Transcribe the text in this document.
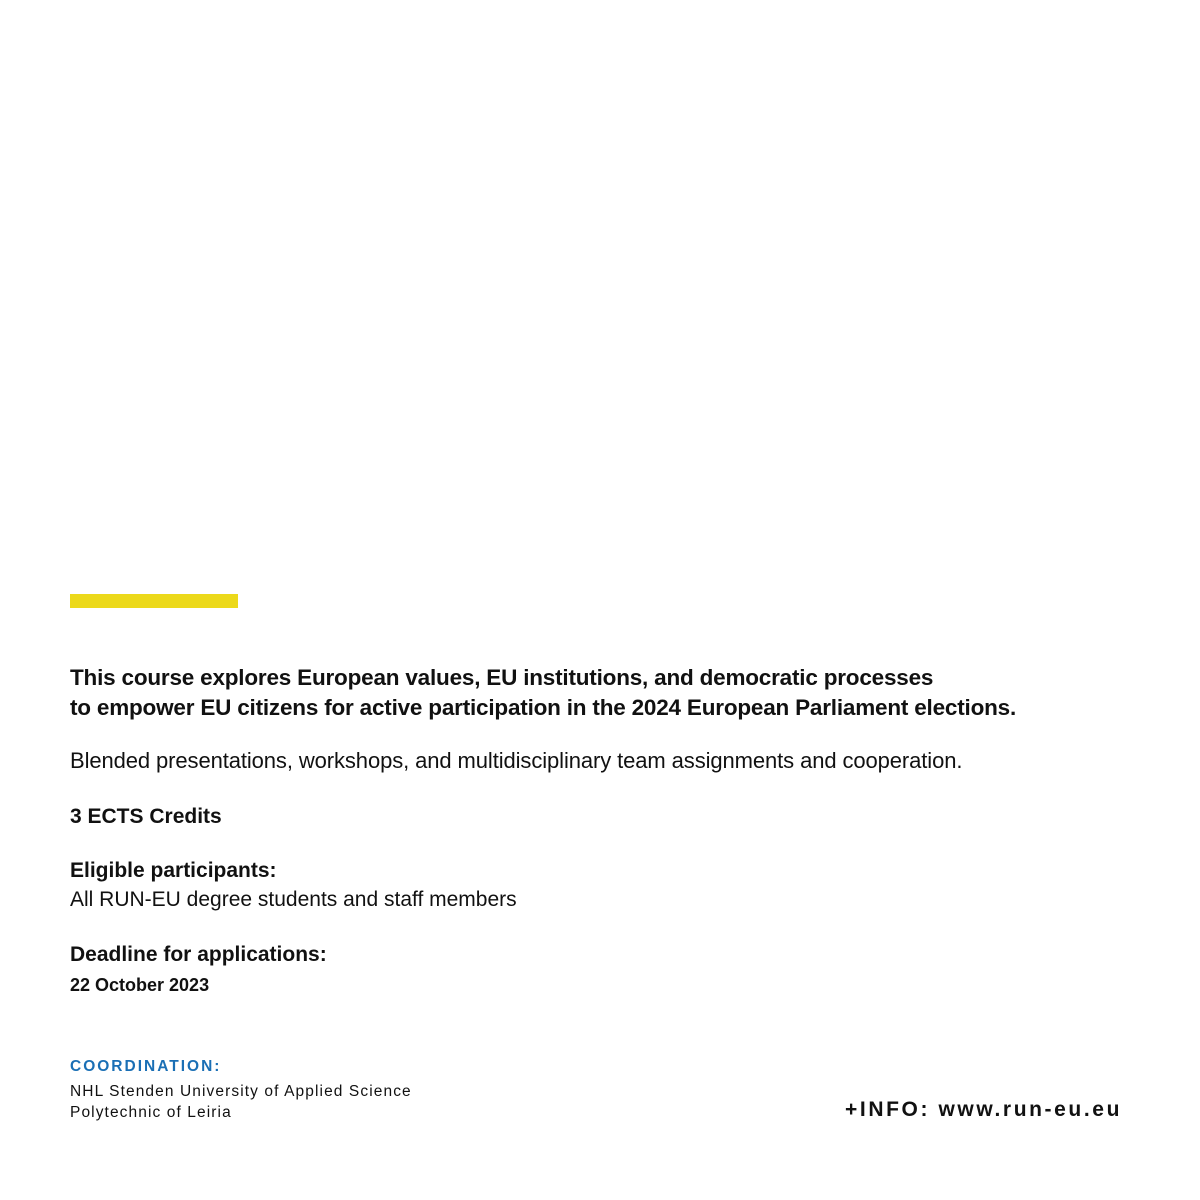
This course explores European values, EU institutions, and democratic processes
to empower EU citizens for active participation in the 2024 European Parliament elections.

Blended presentations, workshops, and multidisciplinary team assignments and cooperation.

3 ECTS Credits

Eligible participants:

All RUN-EU degree students and staff members

Deadline for applications:

22 October 2023

COORDINATION:

NHL Stenden University of Applied Science

Polytechnic of Leiria	+INFO: www.run-eu.eu
